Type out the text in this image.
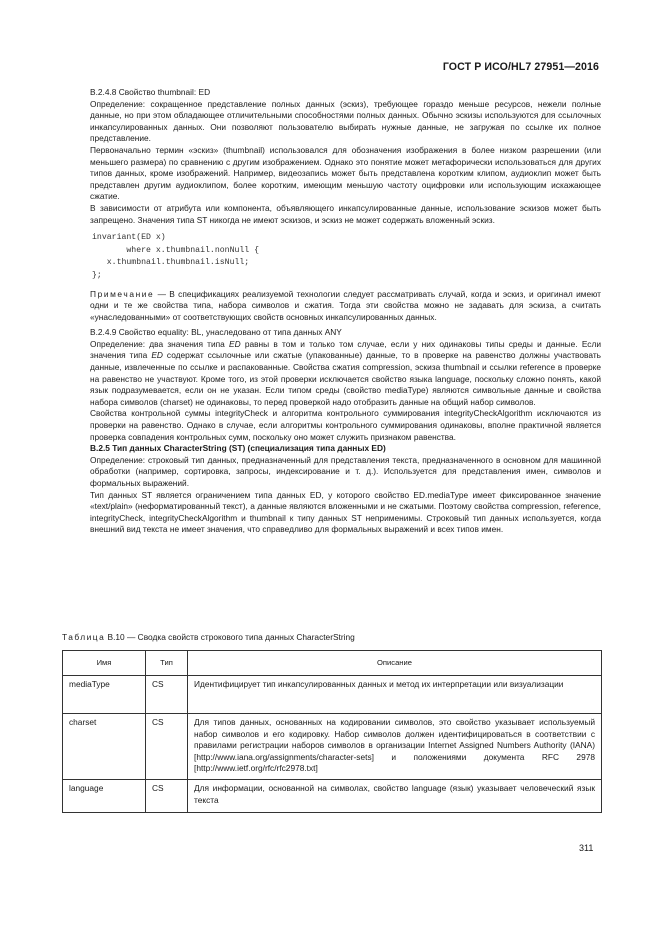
ГОСТ Р ИСО/HL7 27951—2016

В.2.4.8 Свойство thumbnail: ED

Определение: сокращенное представление полных данных (эскиз), требующее гораздо меньше ресурсов, нежели полные данные, но при этом обладающее отличительными способностями полных данных. Обычно эскизы используются для ссылочных инкапсулированных данных. Они позволяют пользователю выбирать нужные данные, не загружая по ссылке их полное представление.

Первоначально термин «эскиз» (thumbnail) использовался для обозначения изображения в более низком разрешении (или меньшего размера) по сравнению с другим изображением. Однако это понятие может метафорически использоваться для других типов данных, кроме изображений. Например, видеозапись может быть представлена коротким клипом, аудиоклип может быть представлен другим аудиоклипом, более коротким, имеющим меньшую частоту оцифровки или использующим искажающее сжатие.

В зависимости от атрибута или компонента, объявляющего инкапсулированные данные, использование эскизов может быть запрещено. Значения типа ST никогда не имеют эскизов, и эскиз не может содержать вложенный эскиз.

invariant(ED x)
where x.thumbnail.nonNull {
x.thumbnail.thumbnail.isNull;
};

Примечание — В спецификациях реализуемой технологии следует рассматривать случай, когда и эскиз, и оригинал имеют одни и те же свойства типа, набора символов и сжатия. Тогда эти свойства можно не задавать для эскиза, а считать «унаследованными» от соответствующих свойств основных инкапсулированных данных.

В.2.4.9 Свойство equality: BL, унаследовано от типа данных ANY

Определение: два значения типа ED равны в том и только том случае, если у них одинаковы типы среды и данные. Если значения типа ED содержат ссылочные или сжатые (упакованные) данные, то в проверке на равенство должны участвовать данные, извлеченные по ссылке и распакованные. Свойства сжатия compression, эскиза thumbnail и ссылки reference в проверке на равенство не участвуют. Кроме того, из этой проверки исключается свойство языка language, поскольку сложно понять, какой язык подразумевается, если он не указан. Если типом среды (свойство mediaType) являются символьные данные и свойства набора символов (charset) не одинаковы, то перед проверкой надо отобразить данные на общий набор символов.

Свойства контрольной суммы integrityCheck и алгоритма контрольного суммирования integrityCheckAlgorithm исключаются из проверки на равенство. Однако в случае, если алгоритмы контрольного суммирования одинаковы, вполне практичной является проверка совпадения контрольных сумм, поскольку оно может служить признаком равенства.

В.2.5 Тип данных CharacterString (ST) (специализация типа данных ED)

Определение: строковый тип данных, предназначенный для представления текста, предназначенного в основном для машинной обработки (например, сортировка, запросы, индексирование и т. д.). Используется для представления имен, символов и формальных выражений.

Тип данных ST является ограничением типа данных ED, у которого свойство ED.mediaType имеет фиксированное значение «text/plain» (неформатированный текст), а данные являются вложенными и не сжатыми. Поэтому свойства compression, reference, integrityCheck, integrityCheckAlgorithm и thumbnail к типу данных ST неприменимы. Строковый тип данных используется, когда внешний вид текста не имеет значения, что справедливо для формальных выражений и всех типов имен.

Таблица В.10 — Сводка свойств строкового типа данных CharacterString
Имя	Тип	Описание
mediaType	CS	Идентифицирует тип инкапсулированных данных и метод их интерпретации или визуализации
charset	CS	Для типов данных, основанных на кодировании символов, это свойство указывает используемый набор символов и его кодировку. Набор символов должен идентифицироваться в соответствии с правилами регистрации наборов символов в организации Internet Assigned Numbers Authority (IANA) [http://www.iana.org/assignments/character-sets] и положениями документа RFC 2978 [http://www.ietf.org/rfc/rfc2978.txt]
language	CS	Для информации, основанной на символах, свойство language (язык) указывает человеческий язык текста
311
